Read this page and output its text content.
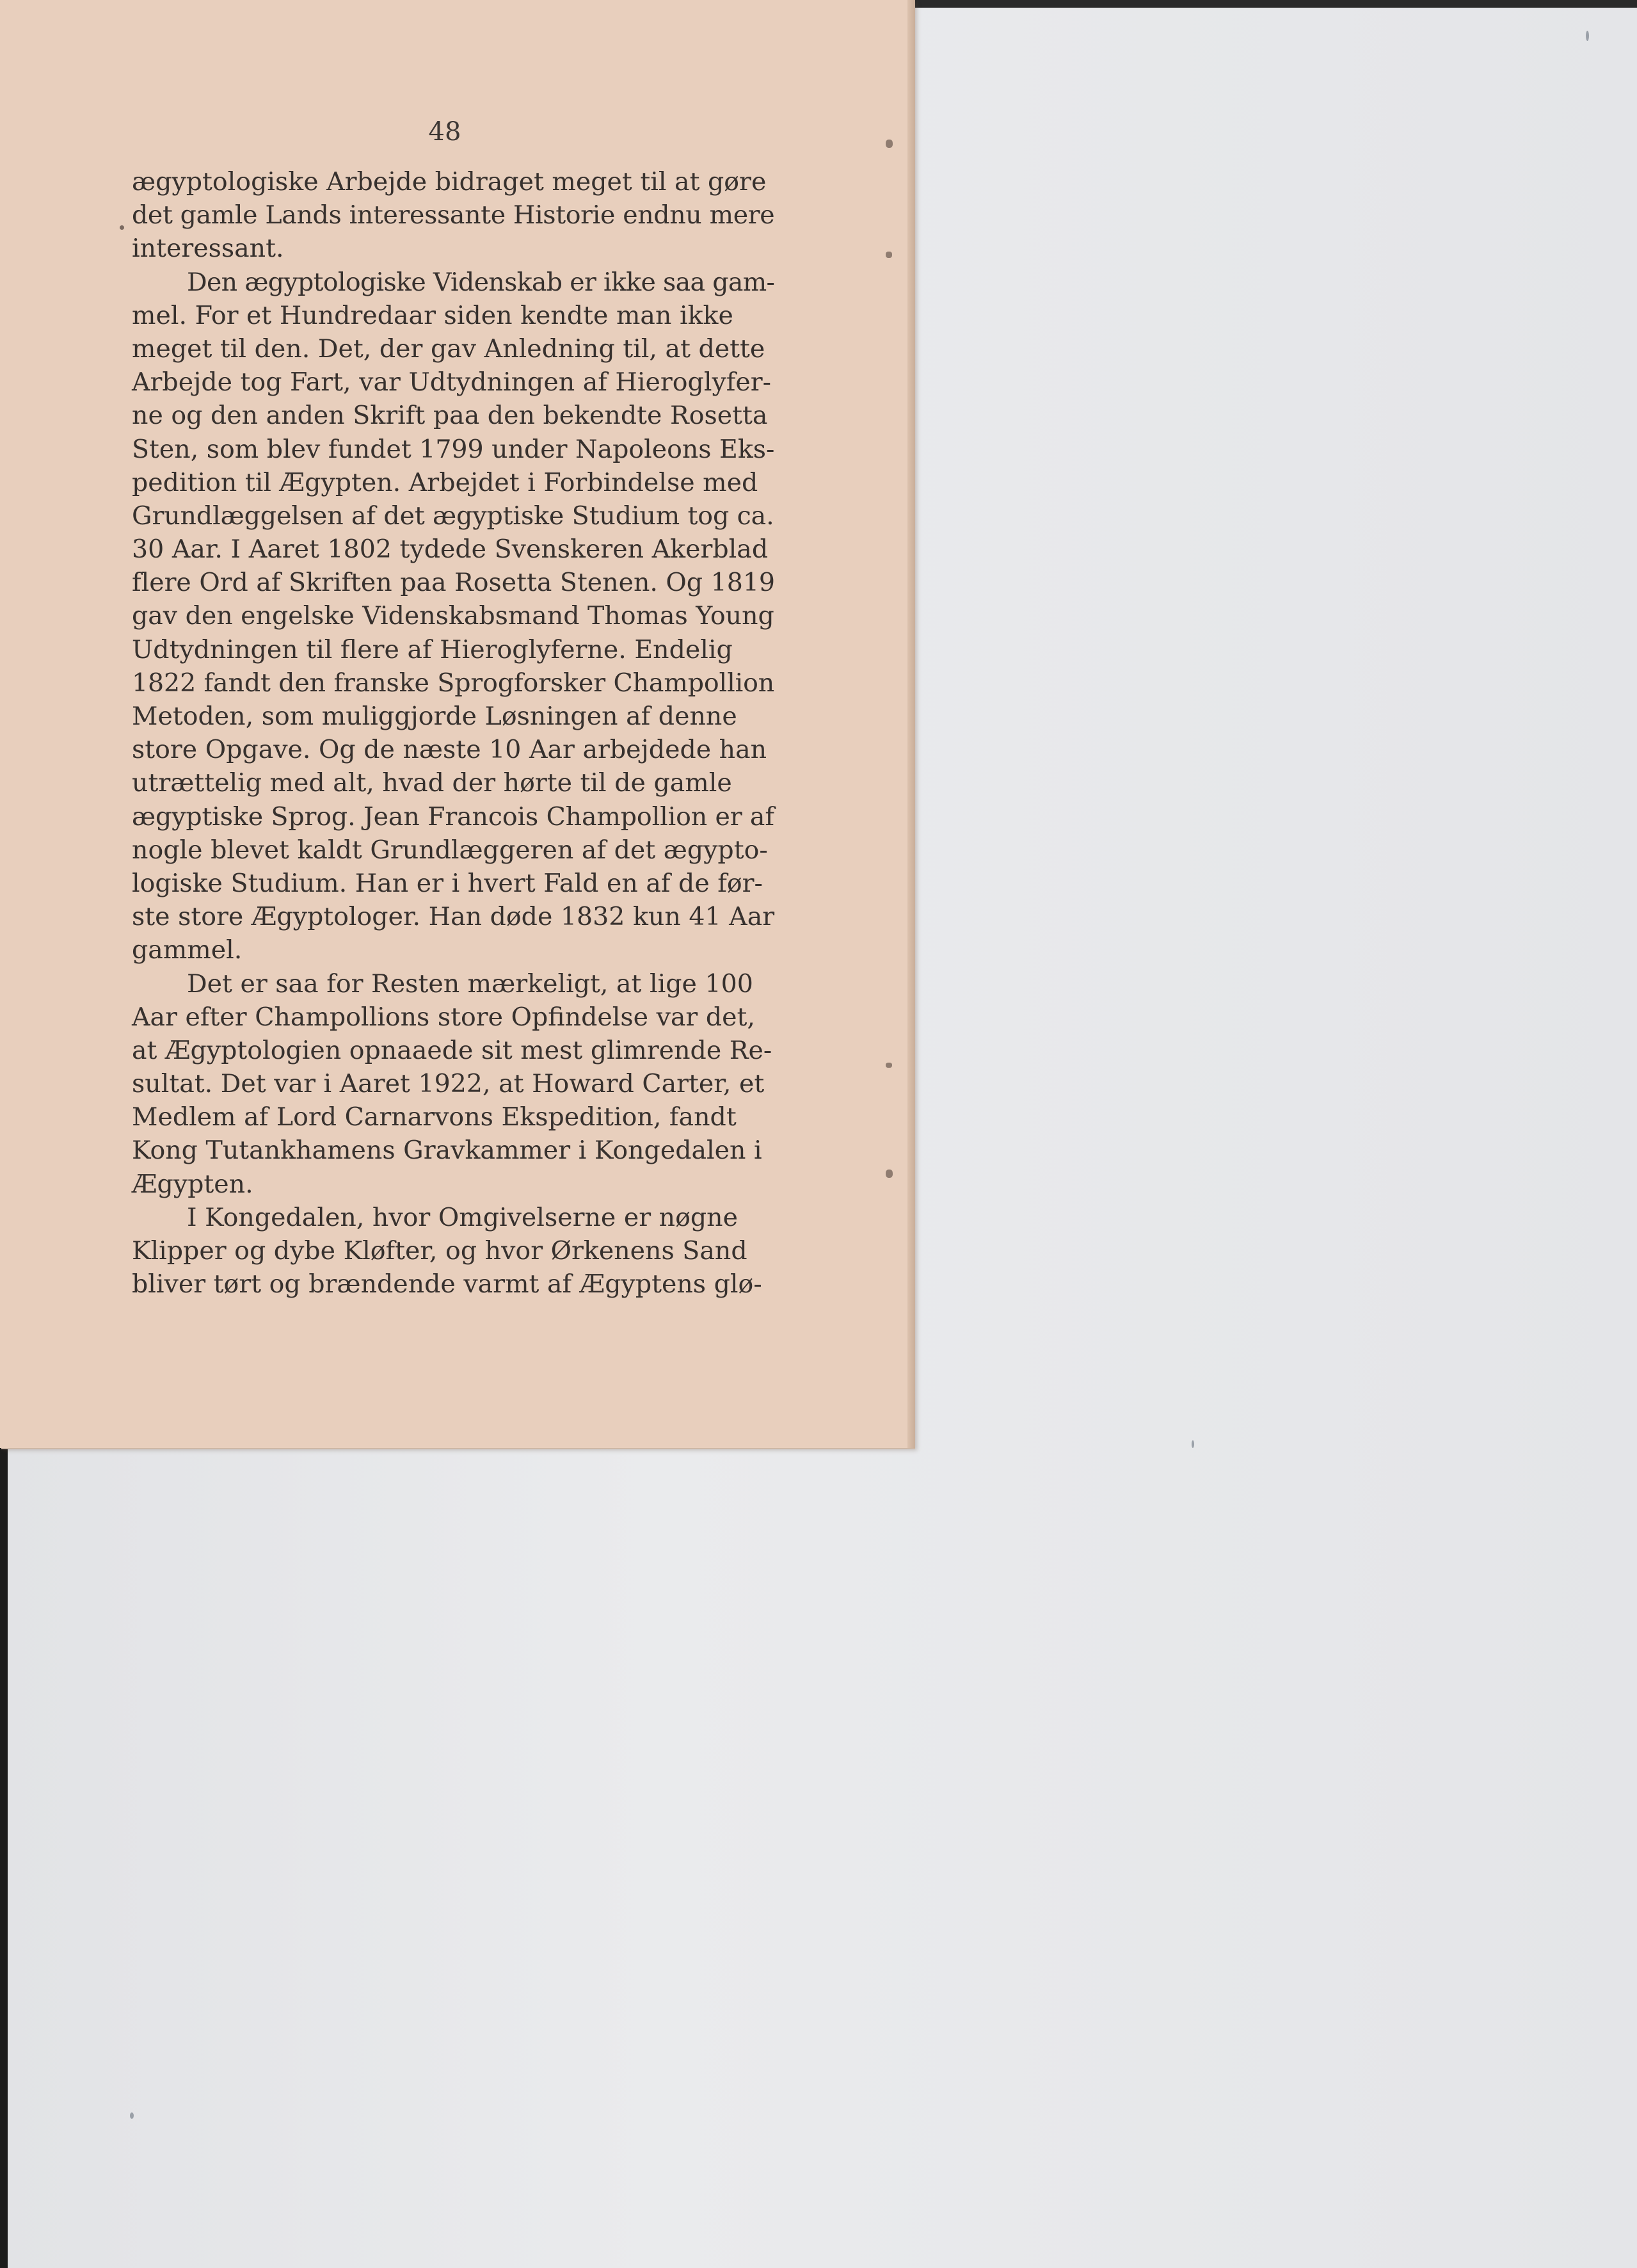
48
ægyptologiske Arbejde bidraget meget til at gøre
det gamle Lands interessante Historie endnu mere
interessant.
Den ægyptologiske Videnskab er ikke saa gam-
mel. For et Hundredaar siden kendte man ikke
meget til den. Det, der gav Anledning til, at dette
Arbejde tog Fart, var Udtydningen af Hieroglyfer-
ne og den anden Skrift paa den bekendte Rosetta
Sten, som blev fundet 1799 under Napoleons Eks-
pedition til Ægypten. Arbejdet i Forbindelse med
Grundlæggelsen af det ægyptiske Studium tog ca.
30 Aar. I Aaret 1802 tydede Svenskeren Akerblad
flere Ord af Skriften paa Rosetta Stenen. Og 1819
gav den engelske Videnskabsmand Thomas Young
Udtydningen til flere af Hieroglyferne. Endelig
1822 fandt den franske Sprogforsker Champollion
Metoden, som muliggjorde Løsningen af denne
store Opgave. Og de næste 10 Aar arbejdede han
utrættelig med alt, hvad der hørte til de gamle
ægyptiske Sprog. Jean Francois Champollion er af
nogle blevet kaldt Grundlæggeren af det ægypto-
logiske Studium. Han er i hvert Fald en af de før-
ste store Ægyptologer. Han døde 1832 kun 41 Aar
gammel.
Det er saa for Resten mærkeligt, at lige 100
Aar efter Champollions store Opfindelse var det,
at Ægyptologien opnaaede sit mest glimrende Re-
sultat. Det var i Aaret 1922, at Howard Carter, et
Medlem af Lord Carnarvons Ekspedition, fandt
Kong Tutankhamens Gravkammer i Kongedalen i
Ægypten.
I Kongedalen, hvor Omgivelserne er nøgne
Klipper og dybe Kløfter, og hvor Ørkenens Sand
bliver tørt og brændende varmt af Ægyptens glø-
